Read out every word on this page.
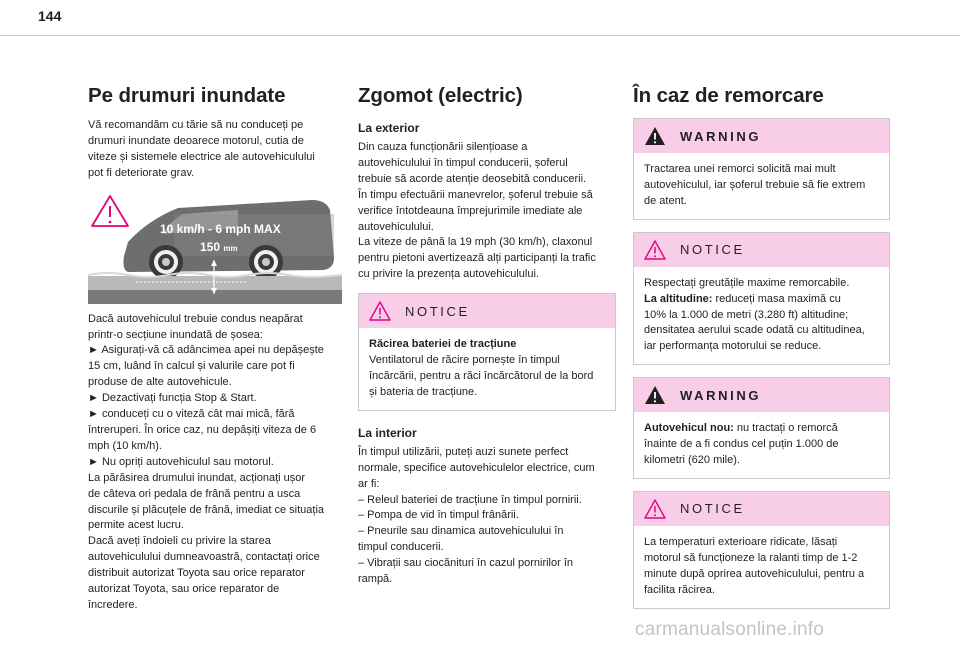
144
Pe drumuri inundate

Vă recomandăm cu tărie să nu conduceți pe
drumuri inundate deoarece motorul, cutia de
viteze și sistemele electrice ale autovehiculului
pot fi deteriorate grav.

10 km/h - 6 mph MAX
150 mm

Dacă autovehiculul trebuie condus neapărat
printr-o secțiune inundată de șosea:
► Asigurați-vă că adâncimea apei nu depășește
15 cm, luând în calcul și valurile care pot fi
produse de alte autovehicule.
► Dezactivați funcția Stop & Start.
► conduceți cu o viteză cât mai mică, fără
întreruperi. În orice caz, nu depășiți viteza de 6
mph (10 km/h).
► Nu opriți autovehiculul sau motorul.
La părăsirea drumului inundat, acționați ușor
de câteva ori pedala de frână pentru a usca
discurile și plăcuțele de frână, imediat ce situația
permite acest lucru.
Dacă aveți îndoieli cu privire la starea
autovehiculului dumneavoastră, contactați orice
distribuit autorizat Toyota sau orice reparator
autorizat Toyota, sau orice reparator de
încredere.

Zgomot (electric)
La exterior

Din cauza funcționării silențioase a
autovehiculului în timpul conducerii, șoferul
trebuie să acorde atenție deosebită conducerii.
În timpu efectuării manevrelor, șoferul trebuie să
verifice întotdeauna împrejurimile imediate ale
autovehiculului.
La viteze de până la 19 mph (30 km/h), claxonul
pentru pietoni avertizează alți participanți la trafic
cu privire la prezența autovehiculului.

NOTICE
Răcirea bateriei de tracțiune
Ventilatorul de răcire pornește în timpul
încărcării, pentru a răci încărcătorul de la bord
și bateria de tracțiune.
La interior

În timpul utilizării, puteți auzi sunete perfect
normale, specifice autovehiculelor electrice, cum
ar fi:
– Releul bateriei de tracțiune în timpul pornirii.
– Pompa de vid în timpul frânării.
– Pneurile sau dinamica autovehiculului în
timpul conducerii.
– Vibrații sau ciocănituri în cazul pornirilor în
rampă.

În caz de remorcare
WARNING
Tractarea unei remorci solicită mai mult
autovehiculul, iar șoferul trebuie să fie extrem
de atent.
NOTICE
Respectați greutățile maxime remorcabile.
La altitudine: reduceți masa maximă cu
10% la 1.000 de metri (3.280 ft) altitudine;
densitatea aerului scade odată cu altitudinea,
iar performanța motorului se reduce.
WARNING
Autovehicul nou: nu tractați o remorcă
înainte de a fi condus cel puțin 1.000 de
kilometri (620 mile).
NOTICE
La temperaturi exterioare ridicate, lăsați
motorul să funcționeze la ralanti timp de 1-2
minute după oprirea autovehiculului, pentru a
facilita răcirea.
carmanualsonline.info
